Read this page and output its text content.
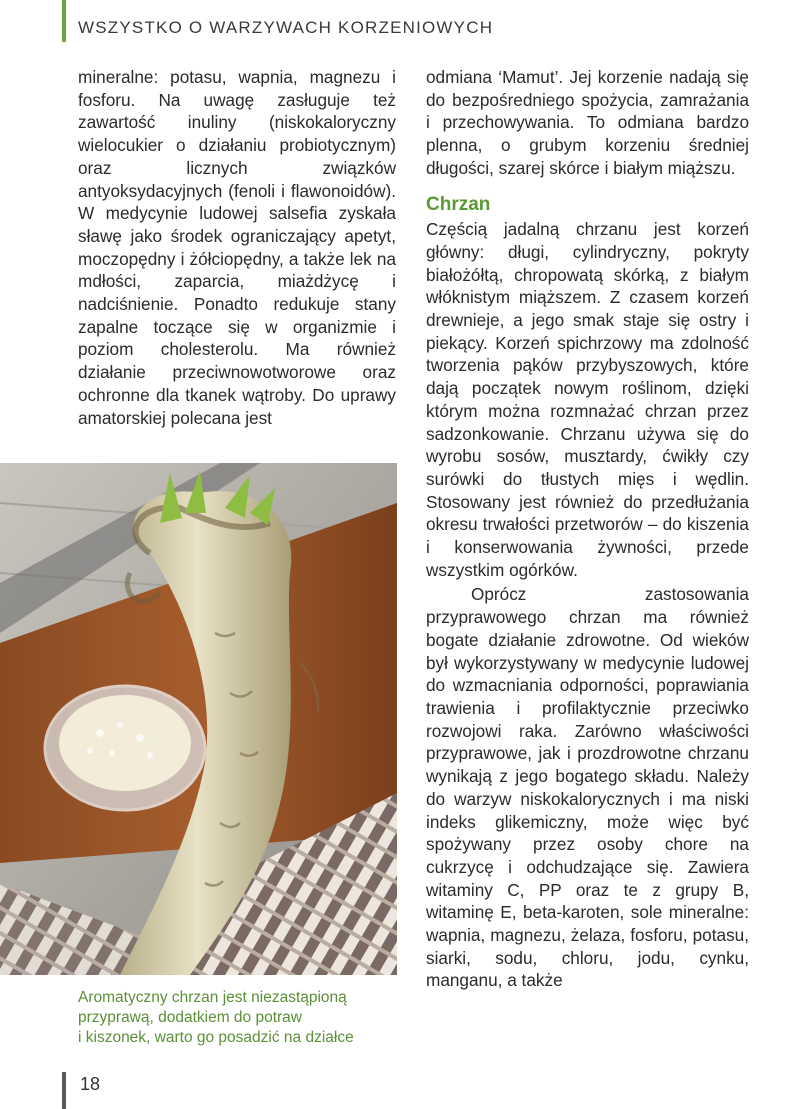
WSZYSTKO O WARZYWACH KORZENIOWYCH

mineralne: potasu, wapnia, magnezu i fosforu. Na uwagę zasługuje też zawartość inuliny (niskokaloryczny wielocukier o działaniu probiotycznym) oraz licznych związków antyoksydacyjnych (fenoli i flawonoidów). W medycynie ludowej salsefia zyskała sławę jako środek ograniczający apetyt, moczopędny i żółciopędny, a także lek na mdłości, zaparcia, miażdżycę i nadciśnienie. Ponadto redukuje stany zapalne toczące się w organizmie i poziom cholesterolu. Ma również działanie przeciwnowotworowe oraz ochronne dla tkanek wątroby. Do uprawy amatorskiej polecana jest

Aromatyczny chrzan jest niezastąpioną
przyprawą, dodatkiem do potraw
i kiszonek, warto go posadzić na działce

odmiana ‘Mamut’. Jej korzenie nadają się do bezpośredniego spożycia, zamrażania i przechowywania. To odmiana bardzo plenna, o grubym korzeniu średniej długości, szarej skórce i białym miąższu.

Chrzan

Częścią jadalną chrzanu jest korzeń główny: długi, cylindryczny, pokryty białożółtą, chropowatą skórką, z białym włóknistym miąższem. Z czasem korzeń drewnieje, a jego smak staje się ostry i piekący. Korzeń spichrzowy ma zdolność tworzenia pąków przybyszowych, które dają początek nowym roślinom, dzięki którym można rozmnażać chrzan przez sadzonkowanie. Chrzanu używa się do wyrobu sosów, musztardy, ćwikły czy surówki do tłustych mięs i wędlin. Stosowany jest również do przedłużania okresu trwałości przetworów – do kiszenia i konserwowania żywności, przede wszystkim ogórków.

Oprócz zastosowania przyprawowego chrzan ma również bogate działanie zdrowotne. Od wieków był wykorzystywany w medycynie ludowej do wzmacniania odporności, poprawiania trawienia i profilaktycznie przeciwko rozwojowi raka. Zarówno właściwości przyprawowe, jak i prozdrowotne chrzanu wynikają z jego bogatego składu. Należy do warzyw niskokalorycznych i ma niski indeks glikemiczny, może więc być spożywany przez osoby chore na cukrzycę i odchudzające się. Zawiera witaminy C, PP oraz te z grupy B, witaminę E, beta-karoten, sole mineralne: wapnia, magnezu, żelaza, fosforu, potasu, siarki, sodu, chloru, jodu, cynku, manganu, a także

18
